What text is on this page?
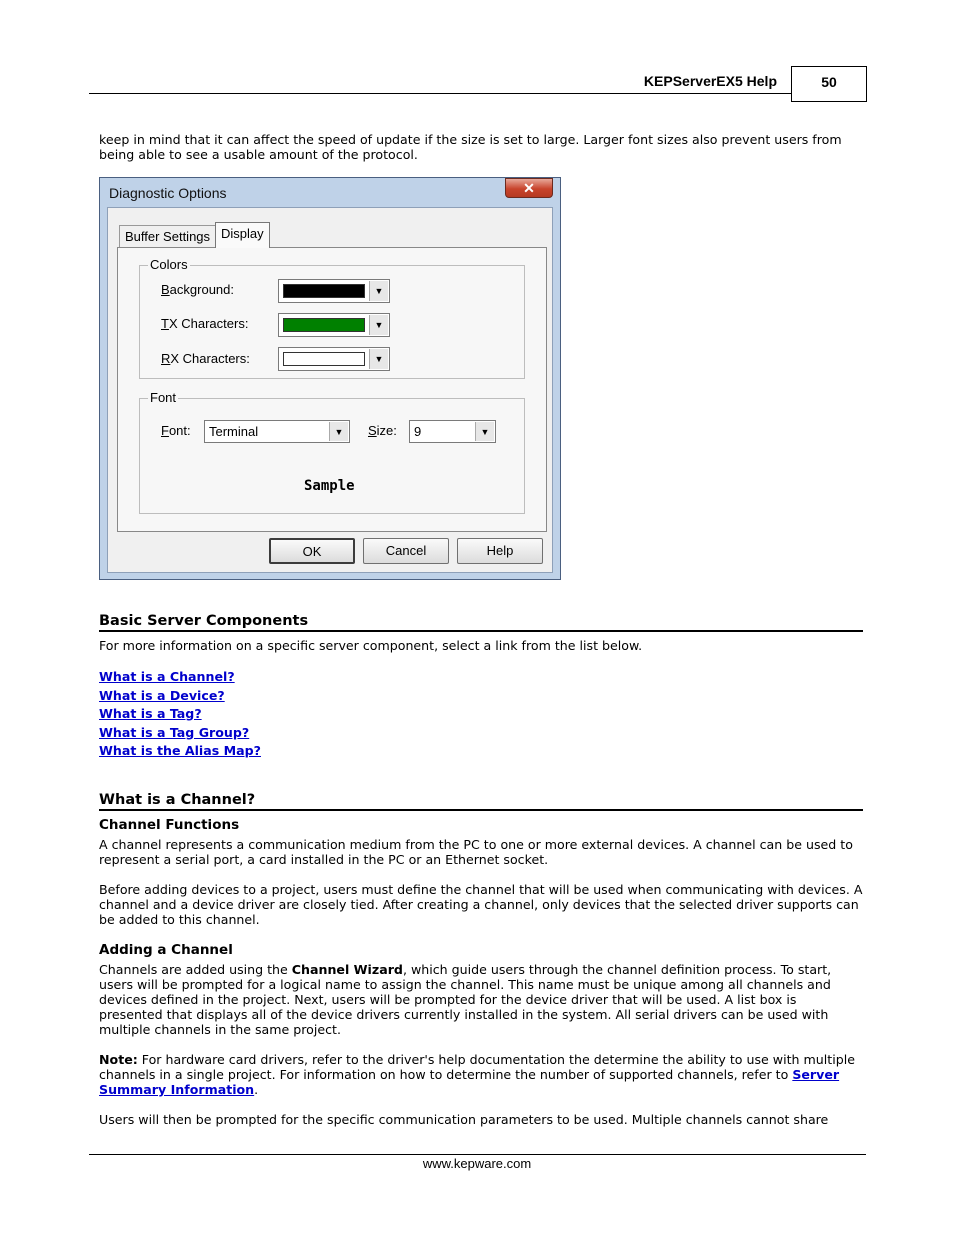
KEPServerEX5 Help	50
keep in mind that it can affect the speed of update if the size is set to large. Larger font sizes also prevent users from
being able to see a usable amount of the protocol.
Diagnostic Options	✕
Buffer Settings Display
Colors
Background:	▼
TX Characters:	▼
RX Characters:	▼
Font
Font: Terminal	▼	Size: 9	▼
Sample
OK	Cancel	Help
Basic Server Components
For more information on a specific server component, select a link from the list below.
What is a Channel?
What is a Device?
What is a Tag?
What is a Tag Group?
What is the Alias Map?
What is a Channel?
Channel Functions
A channel represents a communication medium from the PC to one or more external devices. A channel can be used to
represent a serial port, a card installed in the PC or an Ethernet socket.
Before adding devices to a project, users must define the channel that will be used when communicating with devices. A
channel and a device driver are closely tied. After creating a channel, only devices that the selected driver supports can
be added to this channel.
Adding a Channel
Channels are added using the Channel Wizard, which guide users through the channel definition process. To start,
users will be prompted for a logical name to assign the channel. This name must be unique among all channels and
devices defined in the project. Next, users will be prompted for the device driver that will be used. A list box is
presented that displays all of the device drivers currently installed in the system. All serial drivers can be used with
multiple channels in the same project.
Note: For hardware card drivers, refer to the driver's help documentation the determine the ability to use with multiple
channels in a single project. For information on how to determine the number of supported channels, refer to Server
Summary Information.
Users will then be prompted for the specific communication parameters to be used. Multiple channels cannot share
www.kepware.com
